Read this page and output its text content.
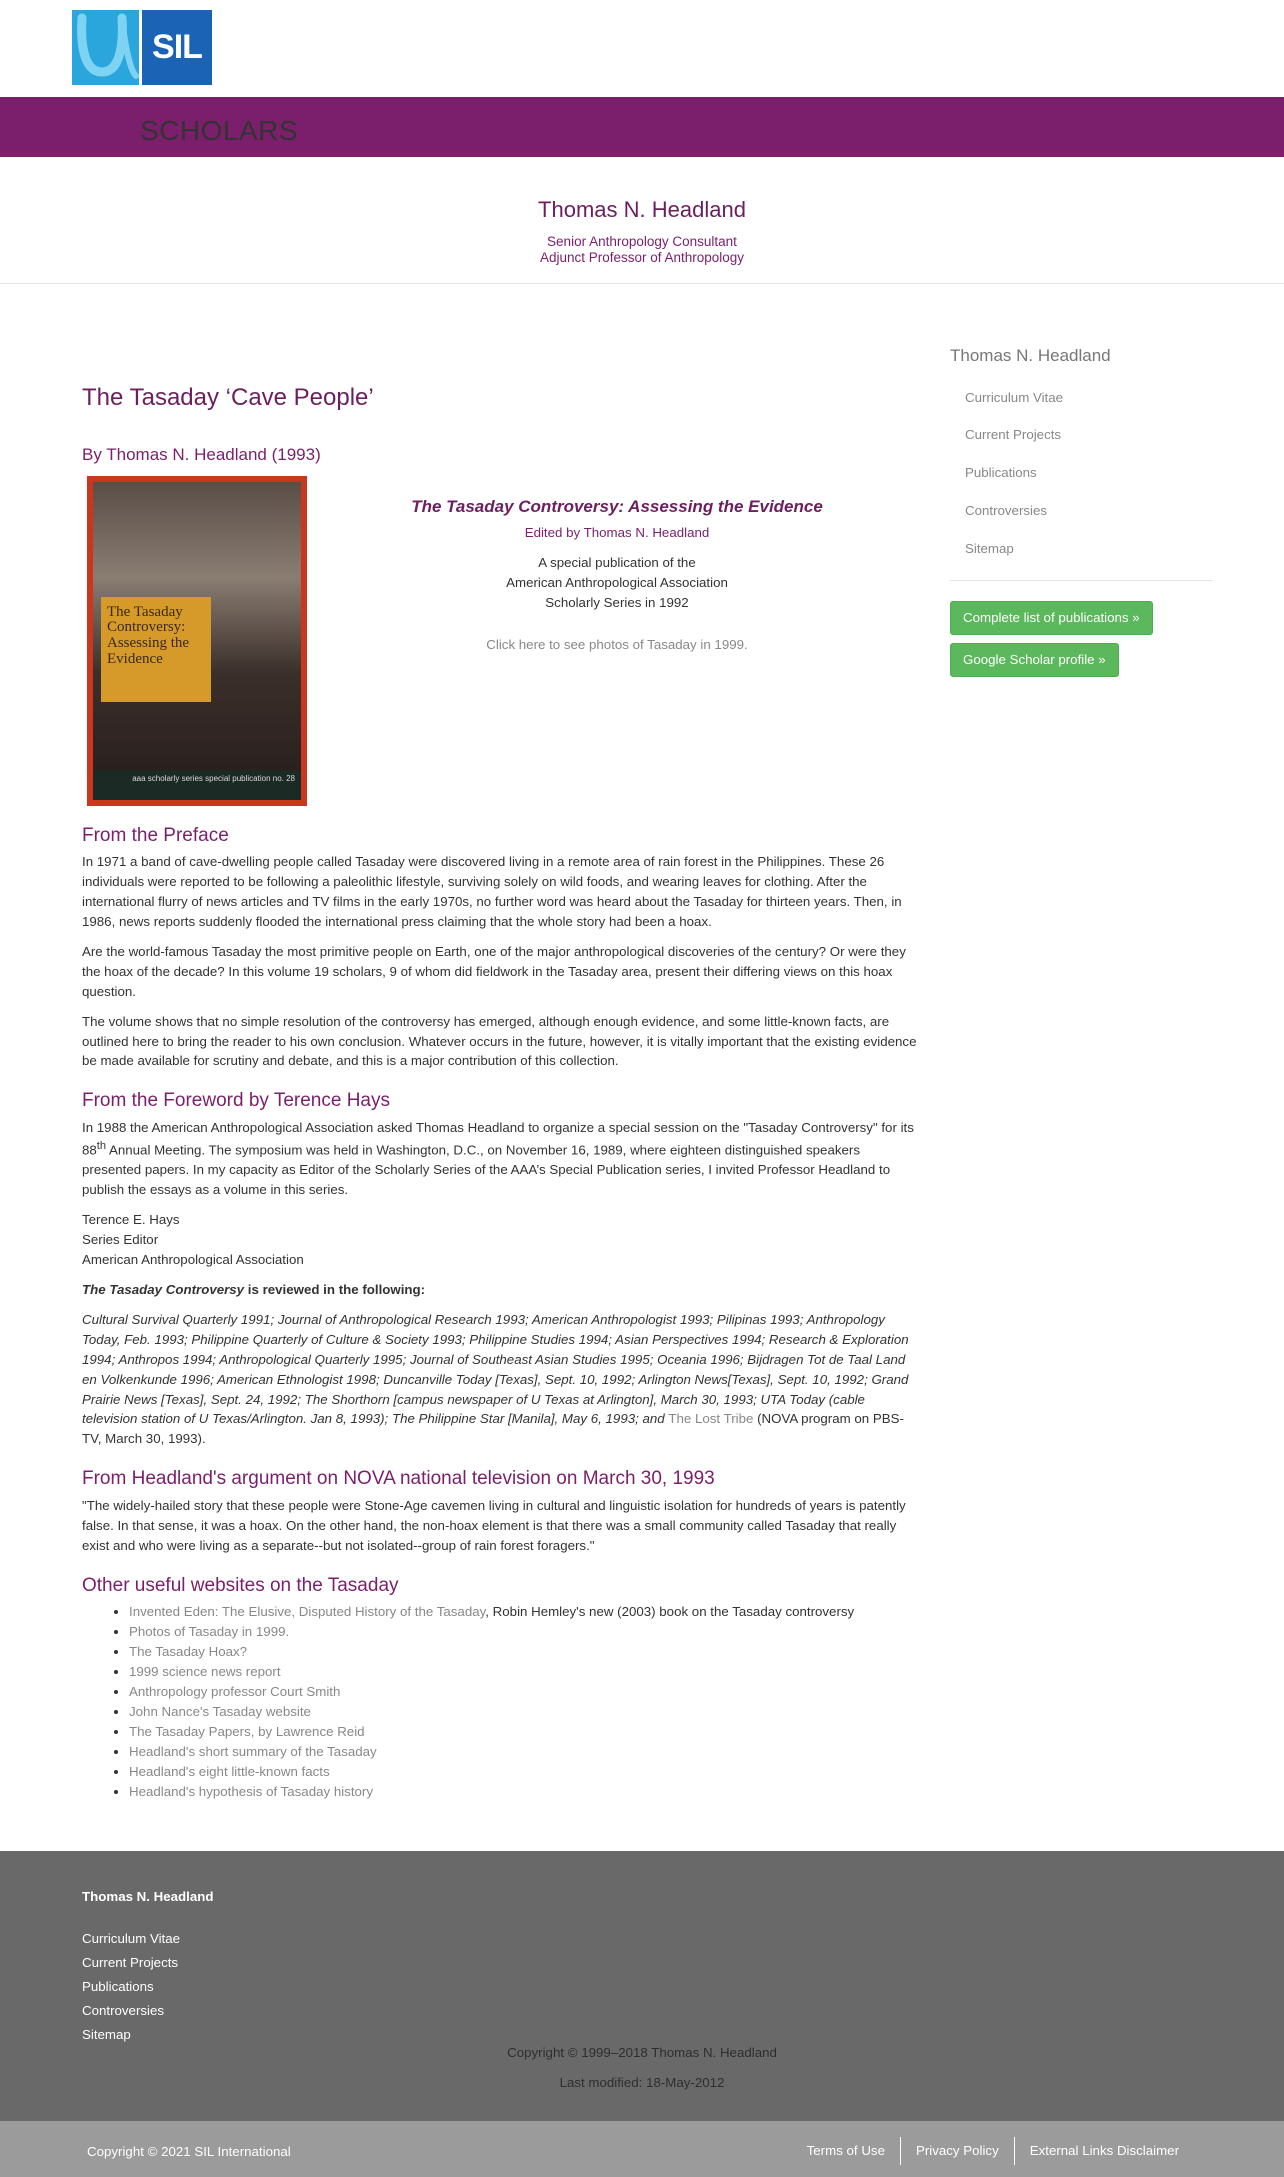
SIL
SCHOLARS
Thomas N. Headland
Senior Anthropology Consultant
Adjunct Professor of Anthropology
The Tasaday ‘Cave People’
By Thomas N. Headland (1993)
The Tasaday Controversy: Assessing the Evidence
aaa scholarly series special publication no. 28
The Tasaday Controversy: Assessing the Evidence
Edited by Thomas N. Headland
A special publication of the
American Anthropological Association
Scholarly Series in 1992
Click here to see photos of Tasaday in 1999.
From the Preface

In 1971 a band of cave-dwelling people called Tasaday were discovered living in a remote area of rain forest in the Philippines. These 26 individuals were reported to be following a paleolithic lifestyle, surviving solely on wild foods, and wearing leaves for clothing. After the international flurry of news articles and TV films in the early 1970s, no further word was heard about the Tasaday for thirteen years. Then, in 1986, news reports suddenly flooded the international press claiming that the whole story had been a hoax.

Are the world-famous Tasaday the most primitive people on Earth, one of the major anthropological discoveries of the century? Or were they the hoax of the decade? In this volume 19 scholars, 9 of whom did fieldwork in the Tasaday area, present their differing views on this hoax question.

The volume shows that no simple resolution of the controversy has emerged, although enough evidence, and some little-known facts, are outlined here to bring the reader to his own conclusion. Whatever occurs in the future, however, it is vitally important that the existing evidence be made available for scrutiny and debate, and this is a major contribution of this collection.

From the Foreword by Terence Hays

In 1988 the American Anthropological Association asked Thomas Headland to organize a special session on the "Tasaday Controversy" for its 88th Annual Meeting. The symposium was held in Washington, D.C., on November 16, 1989, where eighteen distinguished speakers presented papers. In my capacity as Editor of the Scholarly Series of the AAA’s Special Publication series, I invited Professor Headland to publish the essays as a volume in this series.

Terence E. Hays
Series Editor
American Anthropological Association

The Tasaday Controversy is reviewed in the following:

Cultural Survival Quarterly 1991; Journal of Anthropological Research 1993; American Anthropologist 1993; Pilipinas 1993; Anthropology Today, Feb. 1993; Philippine Quarterly of Culture & Society 1993; Philippine Studies 1994; Asian Perspectives 1994; Research & Exploration 1994; Anthropos 1994; Anthropological Quarterly 1995; Journal of Southeast Asian Studies 1995; Oceania 1996; Bijdragen Tot de Taal Land en Volkenkunde 1996; American Ethnologist 1998; Duncanville Today [Texas], Sept. 10, 1992; Arlington News[Texas], Sept. 10, 1992; Grand Prairie News [Texas], Sept. 24, 1992; The Shorthorn [campus newspaper of U Texas at Arlington], March 30, 1993; UTA Today (cable television station of U Texas/Arlington. Jan 8, 1993); The Philippine Star [Manila], May 6, 1993; and The Lost Tribe (NOVA program on PBS-TV, March 30, 1993).

From Headland's argument on NOVA national television on March 30, 1993

"The widely-hailed story that these people were Stone-Age cavemen living in cultural and linguistic isolation for hundreds of years is patently false. In that sense, it was a hoax. On the other hand, the non-hoax element is that there was a small community called Tasaday that really exist and who were living as a separate--but not isolated--group of rain forest foragers."

Other useful websites on the Tasaday
• Invented Eden: The Elusive, Disputed History of the Tasaday, Robin Hemley's new (2003) book on the Tasaday controversy
• Photos of Tasaday in 1999.
• The Tasaday Hoax?
• 1999 science news report
• Anthropology professor Court Smith
• John Nance's Tasaday website
• The Tasaday Papers, by Lawrence Reid
• Headland's short summary of the Tasaday
• Headland's eight little-known facts
• Headland's hypothesis of Tasaday history
Thomas N. Headland
Curriculum Vitae
Current Projects
Publications
Controversies
Sitemap
Complete list of publications »
Google Scholar profile »
Thomas N. Headland
Curriculum Vitae
Current Projects
Publications
Controversies
Sitemap
Copyright © 1999–2018 Thomas N. Headland
Last modified: 18-May-2012
Copyright © 2021 SIL International	Terms of Use	Privacy Policy	External Links Disclaimer
